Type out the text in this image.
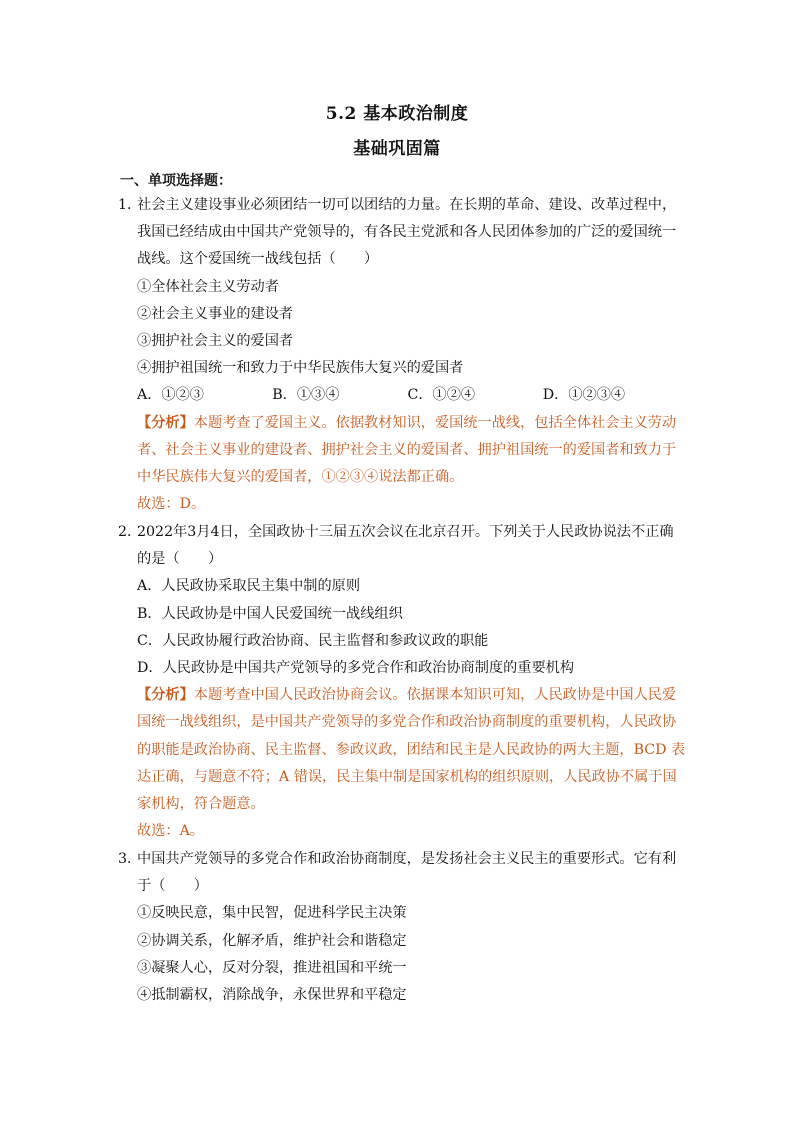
5.2 基本政治制度
基础巩固篇
一、单项选择题：
1．社会主义建设事业必须团结一切可以团结的力量。在长期的革命、建设、改革过程中，
我国已经结成由中国共产党领导的，有各民主党派和各人民团体参加的广泛的爱国统一
战线。这个爱国统一战线包括（　　）
①全体社会主义劳动者
②社会主义事业的建设者
③拥护社会主义的爱国者
④拥护祖国统一和致力于中华民族伟大复兴的爱国者
A．①②③	B．①③④	C．①②④	D．①②③④
【分析】本题考查了爱国主义。依据教材知识，爱国统一战线，包括全体社会主义劳动
者、社会主义事业的建设者、拥护社会主义的爱国者、拥护祖国统一的爱国者和致力于
中华民族伟大复兴的爱国者，①②③④说法都正确。
故选：D。
2．2022年3月4日，全国政协十三届五次会议在北京召开。下列关于人民政协说法不正确
的是（　　）
A．人民政协采取民主集中制的原则
B．人民政协是中国人民爱国统一战线组织
C．人民政协履行政治协商、民主监督和参政议政的职能
D．人民政协是中国共产党领导的多党合作和政治协商制度的重要机构
【分析】本题考查中国人民政治协商会议。依据课本知识可知，人民政协是中国人民爱
国统一战线组织，是中国共产党领导的多党合作和政治协商制度的重要机构，人民政协
的职能是政治协商、民主监督、参政议政，团结和民主是人民政协的两大主题，BCD 表
达正确，与题意不符；A 错误，民主集中制是国家机构的组织原则，人民政协不属于国
家机构，符合题意。
故选：A。
3．中国共产党领导的多党合作和政治协商制度，是发扬社会主义民主的重要形式。它有利
于（　　）
①反映民意，集中民智，促进科学民主决策
②协调关系，化解矛盾，维护社会和谐稳定
③凝聚人心，反对分裂，推进祖国和平统一
④抵制霸权，消除战争，永保世界和平稳定
